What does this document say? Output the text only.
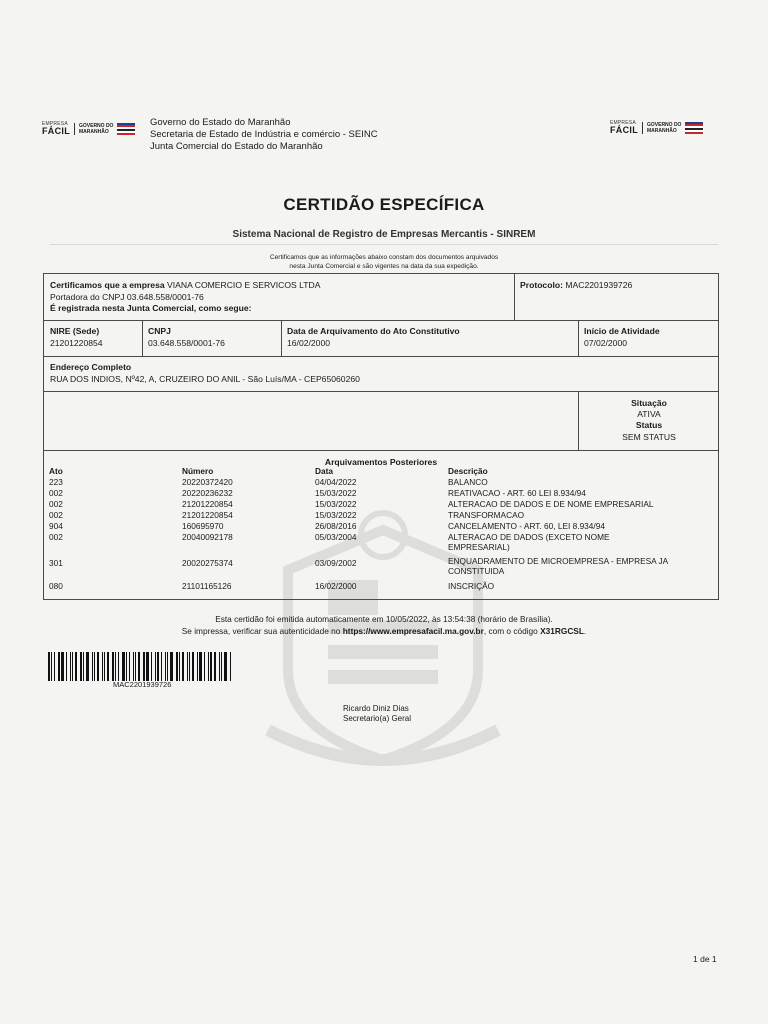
EMPRESA
FÁCIL GOVERNO DO
MARANHÃO
Governo do Estado do Maranhão
Secretaria de Estado de Indústria e comércio - SEINC
Junta Comercial do Estado do Maranhão
EMPRESA
FÁCIL GOVERNO DO
MARANHÃO
CERTIDÃO ESPECÍFICA
Sistema Nacional de Registro de Empresas Mercantis - SINREM
Certificamos que as informações abaixo constam dos documentos arquivados
nesta Junta Comercial e são vigentes na data da sua expedição.
Certificamos que a empresa VIANA COMERCIO E SERVICOS LTDA
Portadora do CNPJ 03.648.558/0001-76
É registrada nesta Junta Comercial, como segue:
Protocolo: MAC2201939726
NIRE (Sede)
21201220854
CNPJ
03.648.558/0001-76
Data de Arquivamento do Ato Constitutivo
16/02/2000
Início de Atividade
07/02/2000
Endereço Completo
RUA DOS INDIOS, Nº42, A, CRUZEIRO DO ANIL - São Luís/MA - CEP65060260
Situação
ATIVA
Status
SEM STATUS
Arquivamentos Posteriores
Ato	Número	Data	Descrição
223	20220372420	04/04/2022	BALANCO
002	20220236232	15/03/2022	REATIVACAO - ART. 60 LEI 8.934/94
002	21201220854	15/03/2022	ALTERACAO DE DADOS E DE NOME EMPRESARIAL
002	21201220854	15/03/2022	TRANSFORMACAO
904	160695970	26/08/2016	CANCELAMENTO - ART. 60, LEI 8.934/94
002	20040092178	05/03/2004	ALTERACAO DE DADOS (EXCETO NOME
EMPRESARIAL)
301	20020275374	03/09/2002	ENQUADRAMENTO DE MICROEMPRESA - EMPRESA JA
CONSTITUIDA
080	21101165126	16/02/2000	INSCRIÇÃO
Esta certidão foi emitida automaticamente em 10/05/2022, às 13:54:38 (horário de Brasília).
Se impressa, verificar sua autenticidade no https://www.empresafacil.ma.gov.br, com o código X31RGCSL.
MAC2201939726
Ricardo Diniz Dias
Secretario(a) Geral
1 de 1
